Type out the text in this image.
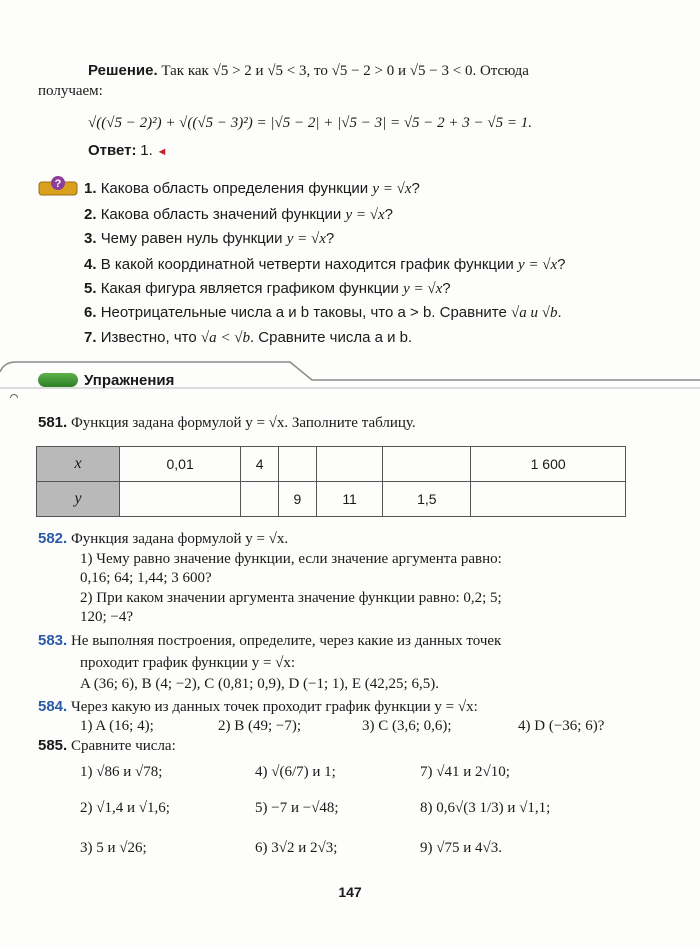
Решение. Так как √5 > 2 и √5 < 3, то √5 − 2 > 0 и √5 − 3 < 0. Отсюда
получаем:
√((√5 − 2)²) + √((√5 − 3)²) = |√5 − 2| + |√5 − 3| = √5 − 2 + 3 − √5 = 1.
Ответ: 1. ◄
? 1. Какова область определения функции y = √x?
2. Какова область значений функции y = √x?
3. Чему равен нуль функции y = √x?
4. В какой координатной четверти находится график функции y = √x?
5. Какая фигура является графиком функции y = √x?
6. Неотрицательные числа a и b таковы, что a > b. Сравните √a и √b.
7. Известно, что √a < √b. Сравните числа a и b.
Упражнения
581. Функция задана формулой y = √x. Заполните таблицу.
x	0,01	4				1 600
y			9	11	1,5	
582. Функция задана формулой y = √x.
1) Чему равно значение функции, если значение аргумента равно:
0,16; 64; 1,44; 3 600?
2) При каком значении аргумента значение функции равно: 0,2; 5;
120; −4?
583. Не выполняя построения, определите, через какие из данных точек
проходит график функции y = √x:
A (36; 6), B (4; −2), C (0,81; 0,9), D (−1; 1), E (42,25; 6,5).
584. Через какую из данных точек проходит график функции y = √x:
1) A (16; 4);	2) B (49; −7);	3) C (3,6; 0,6);	4) D (−36; 6)?
585. Сравните числа:
1) √86 и √78;	4) √(6/7) и 1;	7) √41 и 2√10;
2) √1,4 и √1,6;	5) −7 и −√48;	8) 0,6√(3 1/3) и √1,1;
3) 5 и √26;	6) 3√2 и 2√3;	9) √75 и 4√3.
147
